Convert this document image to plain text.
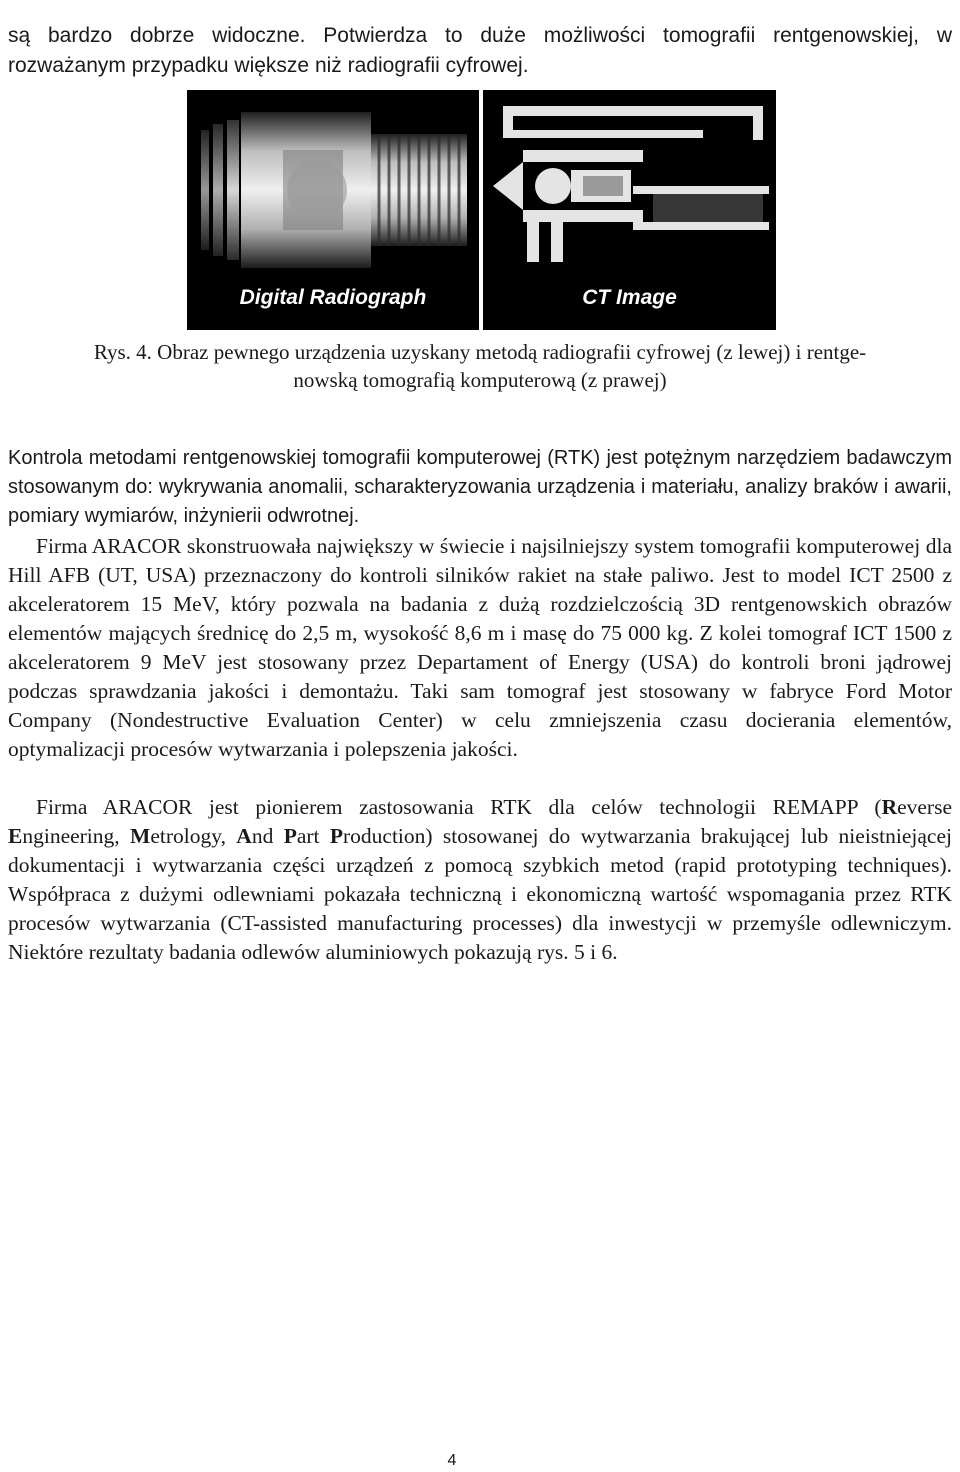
są bardzo dobrze widoczne. Potwierdza to duże możliwości tomografii rentgenowskiej, w rozważanym przypadku większe niż radiografii cyfrowej.

Digital Radiograph	CT Image
Rys. 4. Obraz pewnego urządzenia uzyskany metodą radiografii cyfrowej (z lewej) i rentge-
nowską tomografią komputerową (z prawej)

Kontrola metodami rentgenowskiej tomografii komputerowej (RTK) jest potężnym narzędziem badawczym stosowanym do: wykrywania anomalii, scharakteryzowania urządzenia i materiału, analizy braków i awarii, pomiary wymiarów, inżynierii odwrotnej.

Firma ARACOR skonstruowała największy w świecie i najsilniejszy system tomografii komputerowej dla Hill AFB (UT, USA) przeznaczony do kontroli silników rakiet na stałe paliwo. Jest to model ICT 2500 z akceleratorem 15 MeV, który pozwala na badania z dużą rozdzielczością 3D rentgenowskich obrazów elementów mających średnicę do 2,5 m, wysokość 8,6 m i masę do 75 000 kg. Z kolei tomograf ICT 1500 z akceleratorem 9 MeV jest stosowany przez Departament of Energy (USA) do kontroli broni jądrowej podczas sprawdzania jakości i demontażu. Taki sam tomograf jest stosowany w fabryce Ford Motor Company (Nondestructive Evaluation Center) w celu zmniejszenia czasu docierania elementów, optymalizacji procesów wytwarzania i polepszenia jakości.

Firma ARACOR jest pionierem zastosowania RTK dla celów technologii REMAPP (Reverse Engineering, Metrology, And Part Production) stosowanej do wytwarzania brakującej lub nieistniejącej dokumentacji i wytwarzania części urządzeń z pomocą szybkich metod (rapid prototyping techniques). Współpraca z dużymi odlewniami pokazała techniczną i ekonomiczną wartość wspomagania przez RTK procesów wytwarzania (CT-assisted manufacturing processes) dla inwestycji w przemyśle odlewniczym. Niektóre rezultaty badania odlewów aluminiowych pokazują rys. 5 i 6.

4
